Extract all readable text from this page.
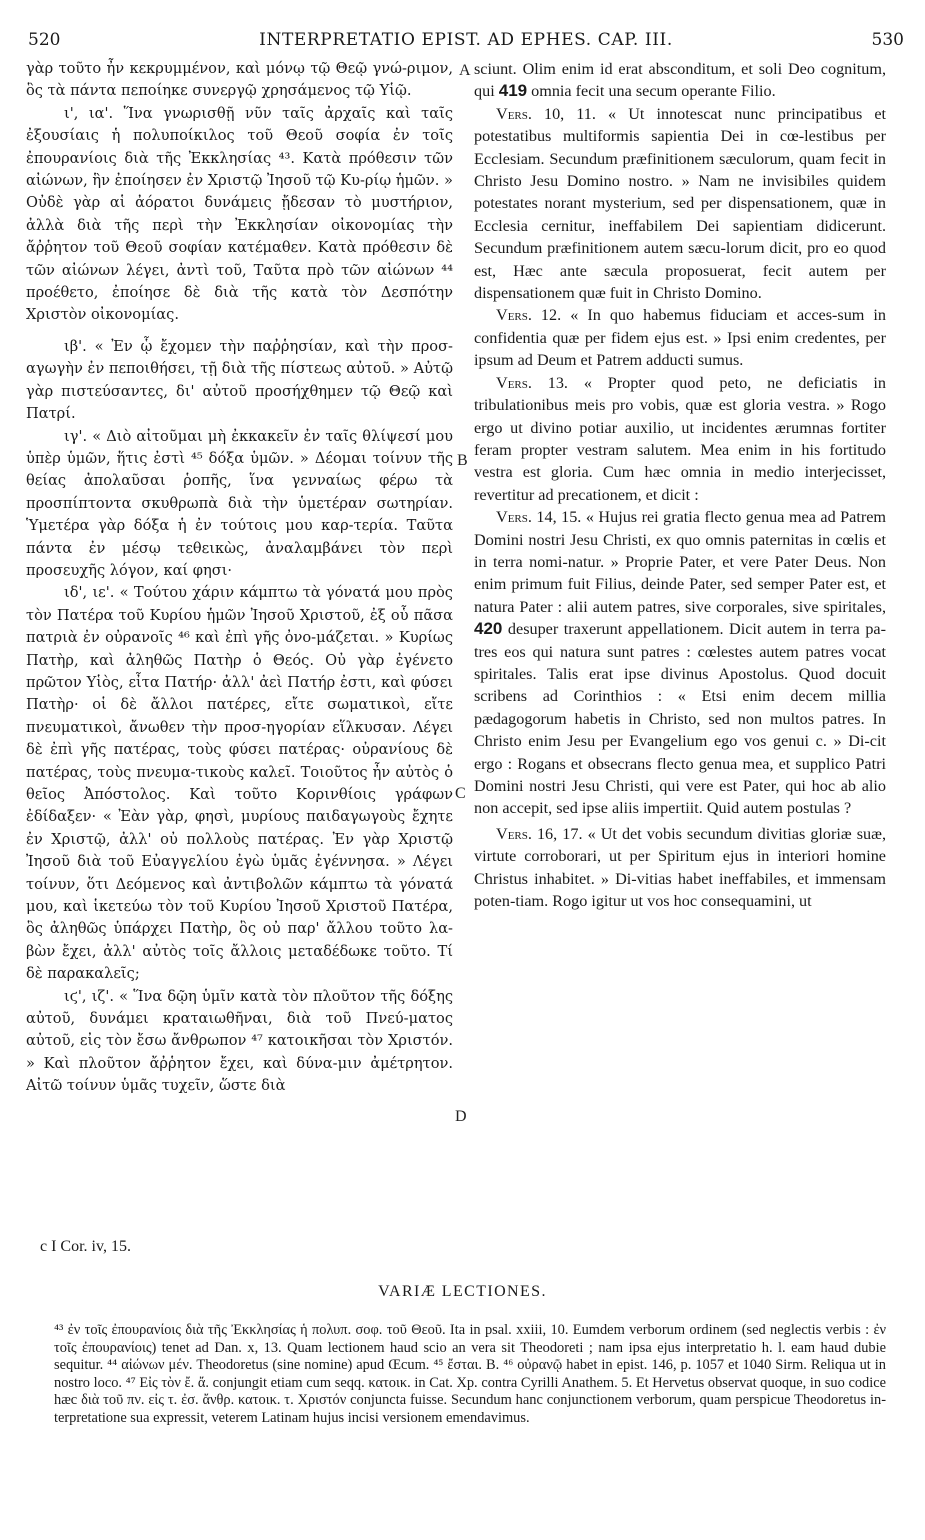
520	INTERPRETATIO EPIST. AD EPHES. CAP. III.	530
A
B
C
D

γὰρ τοῦτο ἦν κεκρυμμένον, καὶ μόνῳ τῷ Θεῷ γνώ-ριμον, ὃς τὰ πάντα πεποίηκε συνεργῷ χρησάμενος τῷ Υἱῷ.

ι', ια'. Ἵνα γνωρισθῇ νῦν ταῖς ἀρχαῖς καὶ ταῖς ἐξουσίαις ἡ πολυποίκιλος τοῦ Θεοῦ σοφία ἐν τοῖς ἐπουρανίοις διὰ τῆς Ἐκκλησίας ⁴³. Κατὰ πρόθεσιν τῶν αἰώνων, ἣν ἐποίησεν ἐν Χριστῷ Ἰησοῦ τῷ Κυ-ρίῳ ἡμῶν. » Οὐδὲ γὰρ αἱ ἀόρατοι δυνάμεις ᾔδεσαν τὸ μυστήριον, ἀλλὰ διὰ τῆς περὶ τὴν Ἐκκλησίαν οἰκονομίας τὴν ἄῤῥητον τοῦ Θεοῦ σοφίαν κατέμαθεν. Κατὰ πρόθεσιν δὲ τῶν αἰώνων λέγει, ἀντὶ τοῦ, Ταῦτα πρὸ τῶν αἰώνων ⁴⁴ προέθετο, ἐποίησε δὲ διὰ τῆς κατὰ τὸν Δεσπότην Χριστὸν οἰκονομίας.

ιβ'. « Ἐν ᾧ ἔχομεν τὴν παῤῥησίαν, καὶ τὴν προσ-αγωγὴν ἐν πεποιθήσει, τῇ διὰ τῆς πίστεως αὐτοῦ. » Αὐτῷ γὰρ πιστεύσαντες, δι' αὐτοῦ προσήχθημεν τῷ Θεῷ καὶ Πατρί.

ιγ'. « Διὸ αἰτοῦμαι μὴ ἐκκακεῖν ἐν ταῖς θλίψεσί μου ὑπὲρ ὑμῶν, ἥτις ἐστὶ ⁴⁵ δόξα ὑμῶν. » Δέομαι τοίνυν τῆς θείας ἀπολαῦσαι ῥοπῆς, ἵνα γενναίως φέρω τὰ προσπίπτοντα σκυθρωπὰ διὰ τὴν ὑμετέραν σωτηρίαν. Ὑμετέρα γὰρ δόξα ἡ ἐν τούτοις μου καρ-τερία. Ταῦτα πάντα ἐν μέσῳ τεθεικὼς, ἀναλαμβάνει τὸν περὶ προσευχῆς λόγον, καί φησι·

ιδ', ιε'. « Τούτου χάριν κάμπτω τὰ γόνατά μου πρὸς τὸν Πατέρα τοῦ Κυρίου ἡμῶν Ἰησοῦ Χριστοῦ, ἐξ οὗ πᾶσα πατριὰ ἐν οὐρανοῖς ⁴⁶ καὶ ἐπὶ γῆς ὀνο-μάζεται. » Κυρίως Πατὴρ, καὶ ἀληθῶς Πατὴρ ὁ Θεός. Οὐ γὰρ ἐγένετο πρῶτον Υἱὸς, εἶτα Πατήρ· ἀλλ' ἀεὶ Πατήρ ἐστι, καὶ φύσει Πατὴρ· οἱ δὲ ἄλλοι πατέρες, εἴτε σωματικοὶ, εἴτε πνευματικοὶ, ἄνωθεν τὴν προσ-ηγορίαν εἵλκυσαν. Λέγει δὲ ἐπὶ γῆς πατέρας, τοὺς φύσει πατέρας· οὐρανίους δὲ πατέρας, τοὺς πνευμα-τικοὺς καλεῖ. Τοιοῦτος ἦν αὐτὸς ὁ θεῖος Ἀπόστολος. Καὶ τοῦτο Κορινθίοις γράφων ἐδίδαξεν· « Ἐὰν γὰρ, φησὶ, μυρίους παιδαγωγοὺς ἔχητε ἐν Χριστῷ, ἀλλ' οὐ πολλοὺς πατέρας. Ἐν γὰρ Χριστῷ Ἰησοῦ διὰ τοῦ Εὐαγγελίου ἐγὼ ὑμᾶς ἐγέννησα. » Λέγει τοίνυν, ὅτι Δεόμενος καὶ ἀντιβολῶν κάμπτω τὰ γόνατά μου, καὶ ἱκετεύω τὸν τοῦ Κυρίου Ἰησοῦ Χριστοῦ Πατέρα, ὃς ἀληθῶς ὑπάρχει Πατὴρ, ὃς οὐ παρ' ἄλλου τοῦτο λα-βὼν ἔχει, ἀλλ' αὐτὸς τοῖς ἄλλοις μεταδέδωκε τοῦτο. Τί δὲ παρακαλεῖς;

ιϛ', ιζ'. « Ἵνα δῷη ὑμῖν κατὰ τὸν πλοῦτον τῆς δόξης αὐτοῦ, δυνάμει κραταιωθῆναι, διὰ τοῦ Πνεύ-ματος αὐτοῦ, εἰς τὸν ἔσω ἄνθρωπον ⁴⁷ κατοικῆσαι τὸν Χριστόν. » Καὶ πλοῦτον ἄῤῥητον ἔχει, καὶ δύνα-μιν ἀμέτρητον. Αἰτῶ τοίνυν ὑμᾶς τυχεῖν, ὥστε διὰ

sciunt. Olim enim id erat absconditum, et soli Deo cognitum, qui 419 omnia fecit una secum operante Filio.

Vers. 10, 11. « Ut innotescat nunc principatibus et potestatibus multiformis sapientia Dei in cœ-lestibus per Ecclesiam. Secundum præfinitionem sæculorum, quam fecit in Christo Jesu Domino nostro. » Nam ne invisibiles quidem potestates norant mysterium, sed per dispensationem, quæ in Ecclesia cernitur, ineffabilem Dei sapientiam didicerunt. Secundum præfinitionem autem sæcu-lorum dicit, pro eo quod est, Hæc ante sæcula proposuerat, fecit autem per dispensationem quæ fuit in Christo Domino.

Vers. 12. « In quo habemus fiduciam et acces-sum in confidentia quæ per fidem ejus est. » Ipsi enim credentes, per ipsum ad Deum et Patrem adducti sumus.

Vers. 13. « Propter quod peto, ne deficiatis in tribulationibus meis pro vobis, quæ est gloria vestra. » Rogo ergo ut divino potiar auxilio, ut incidentes ærumnas fortiter feram propter vestram salutem. Mea enim in his fortitudo vestra est gloria. Cum hæc omnia in medio interjecisset, revertitur ad precationem, et dicit :

Vers. 14, 15. « Hujus rei gratia flecto genua mea ad Patrem Domini nostri Jesu Christi, ex quo omnis paternitas in cœlis et in terra nomi-natur. » Proprie Pater, et vere Pater Deus. Non enim primum fuit Filius, deinde Pater, sed semper Pater est, et natura Pater : alii autem patres, sive corporales, sive spiritales, 420 desuper traxerunt appellationem. Dicit autem in terra pa-tres eos qui natura sunt patres : cœlestes autem patres vocat spiritales. Talis erat ipse divinus Apostolus. Quod docuit scribens ad Corinthios : « Etsi enim decem millia pædagogorum habetis in Christo, sed non multos patres. In Christo enim Jesu per Evangelium ego vos genui c. » Di-cit ergo : Rogans et obsecrans flecto genua mea, et supplico Patri Domini nostri Jesu Christi, qui vere est Pater, qui hoc ab alio non accepit, sed ipse aliis impertiit. Quid autem postulas ?

Vers. 16, 17. « Ut det vobis secundum divitias gloriæ suæ, virtute corroborari, ut per Spiritum ejus in interiori homine Christus inhabitet. » Di-vitias habet ineffabiles, et immensam poten-tiam. Rogo igitur ut vos hoc consequamini, ut

c I Cor. iv, 15.
VARIÆ LECTIONES.
⁴³ ἐν τοῖς ἐπουρανίοις διὰ τῆς Ἐκκλησίας ἡ πολυπ. σοφ. τοῦ Θεοῦ. Ita in psal. xxiii, 10. Eumdem verborum ordinem (sed neglectis verbis : ἐν τοῖς ἐπουρανίοις) tenet ad Dan. x, 13. Quam lectionem haud scio an vera sit Theodoreti ; nam ipsa ejus interpretatio h. l. eam haud dubie sequitur. ⁴⁴ αἰώνων μέν. Theodoretus (sine nomine) apud Œcum. ⁴⁵ ἔσται. B. ⁴⁶ οὐρανῷ habet in epist. 146, p. 1057 et 1040 Sirm. Reliqua ut in nostro loco. ⁴⁷ Εἰς τὸν ἔ. ἄ. conjungit etiam cum seqq. κατοικ. in Cat. Xp. contra Cyrilli Anathem. 5. Et Hervetus observat quoque, in suo codice hæc διὰ τοῦ πν. εἰς τ. ἐσ. ἄνθρ. κατοικ. τ. Χριστόν conjuncta fuisse. Secundum hanc conjunctionem verborum, quam perspicue Theodoretus in-terpretatione sua expressit, veterem Latinam hujus incisi versionem emendavimus.
